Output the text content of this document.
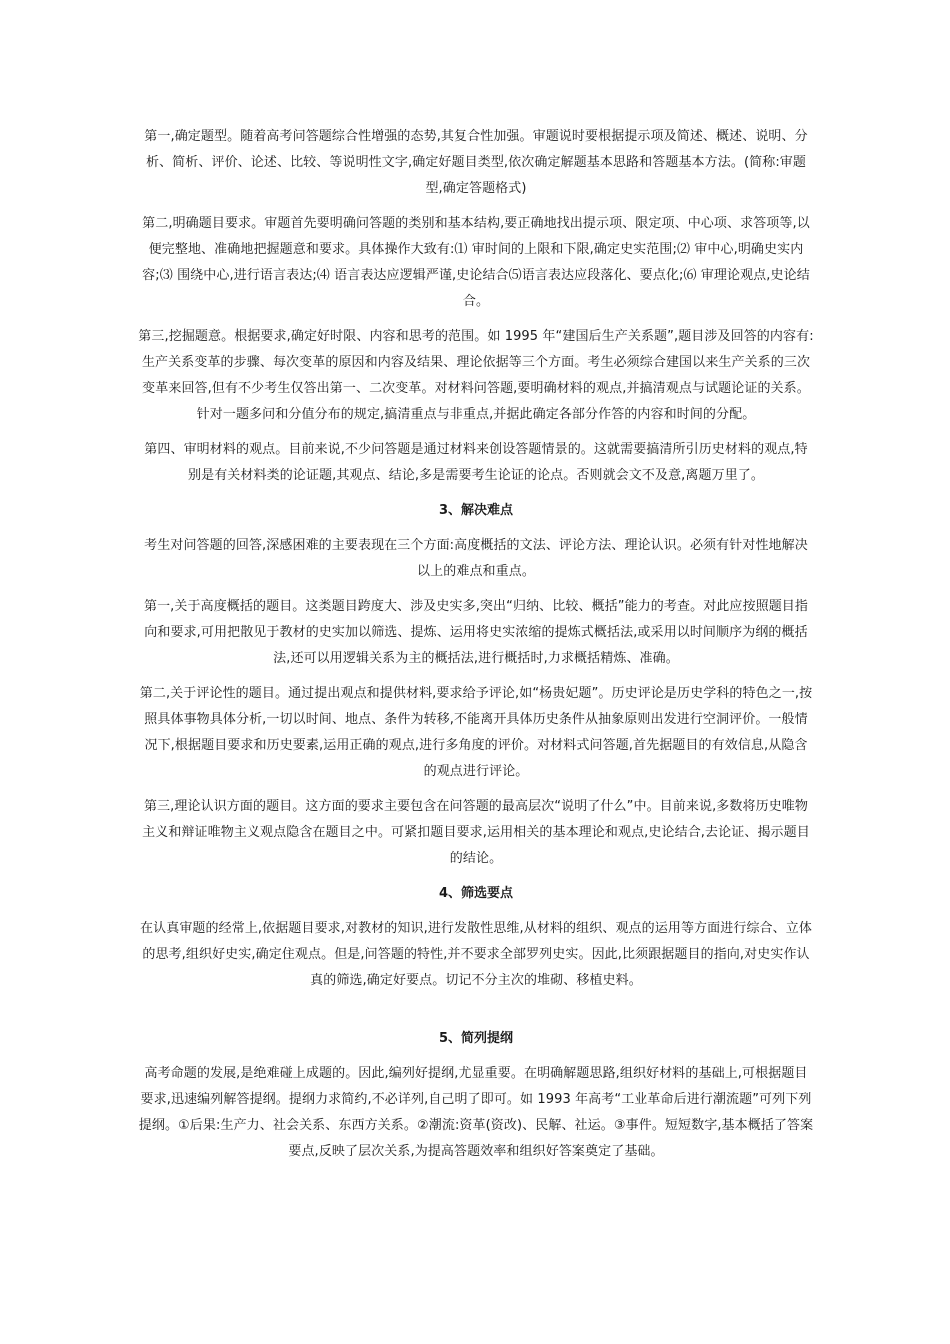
第一,确定题型。随着高考问答题综合性增强的态势,其复合性加强。审题说时要根据提示项及简述、概述、说明、分析、简析、评价、论述、比较、等说明性文字,确定好题目类型,依次确定解题基本思路和答题基本方法。(简称:审题型,确定答题格式)

第二,明确题目要求。审题首先要明确问答题的类别和基本结构,要正确地找出提示项、限定项、中心项、求答项等,以便完整地、准确地把握题意和要求。具体操作大致有:⑴ 审时间的上限和下限,确定史实范围;⑵ 审中心,明确史实内容;⑶ 围绕中心,进行语言表达;⑷ 语言表达应逻辑严谨,史论结合⑸语言表达应段落化、要点化;⑹ 审理论观点,史论结合。

第三,挖掘题意。根据要求,确定好时限、内容和思考的范围。如 1995 年“建国后生产关系题”,题目涉及回答的内容有:生产关系变革的步骤、每次变革的原因和内容及结果、理论依据等三个方面。考生必须综合建国以来生产关系的三次变革来回答,但有不少考生仅答出第一、二次变革。对材料问答题,要明确材料的观点,并搞清观点与试题论证的关系。针对一题多问和分值分布的规定,搞清重点与非重点,并据此确定各部分作答的内容和时间的分配。

第四、审明材料的观点。目前来说,不少问答题是通过材料来创设答题情景的。这就需要搞清所引历史材料的观点,特别是有关材料类的论证题,其观点、结论,多是需要考生论证的论点。否则就会文不及意,离题万里了。

3、解决难点

考生对问答题的回答,深感困难的主要表现在三个方面:高度概括的文法、评论方法、理论认识。必须有针对性地解决以上的难点和重点。

第一,关于高度概括的题目。这类题目跨度大、涉及史实多,突出“归纳、比较、概括”能力的考查。对此应按照题目指向和要求,可用把散见于教材的史实加以筛选、提炼、运用将史实浓缩的提炼式概括法,或采用以时间顺序为纲的概括法,还可以用逻辑关系为主的概括法,进行概括时,力求概括精炼、准确。

第二,关于评论性的题目。通过提出观点和提供材料,要求给予评论,如“杨贵妃题”。历史评论是历史学科的特色之一,按照具体事物具体分析,一切以时间、地点、条件为转移,不能离开具体历史条件从抽象原则出发进行空洞评价。一般情况下,根据题目要求和历史要素,运用正确的观点,进行多角度的评价。对材料式问答题,首先据题目的有效信息,从隐含的观点进行评论。

第三,理论认识方面的题目。这方面的要求主要包含在问答题的最高层次“说明了什么”中。目前来说,多数将历史唯物主义和辩证唯物主义观点隐含在题目之中。可紧扣题目要求,运用相关的基本理论和观点,史论结合,去论证、揭示题目的结论。

4、筛选要点

在认真审题的经常上,依据题目要求,对教材的知识,进行发散性思维,从材料的组织、观点的运用等方面进行综合、立体的思考,组织好史实,确定住观点。但是,问答题的特性,并不要求全部罗列史实。因此,比须跟据题目的指向,对史实作认真的筛选,确定好要点。切记不分主次的堆砌、移植史料。

5、简列提纲

高考命题的发展,是绝难碰上成题的。因此,编列好提纲,尤显重要。在明确解题思路,组织好材料的基础上,可根据题目要求,迅速编列解答提纲。提纲力求简约,不必详列,自己明了即可。如 1993 年高考“工业革命后进行潮流题”可列下列提纲。①后果:生产力、社会关系、东西方关系。②潮流:资革(资改)、民解、社运。③事件。短短数字,基本概括了答案要点,反映了层次关系,为提高答题效率和组织好答案奠定了基础。
